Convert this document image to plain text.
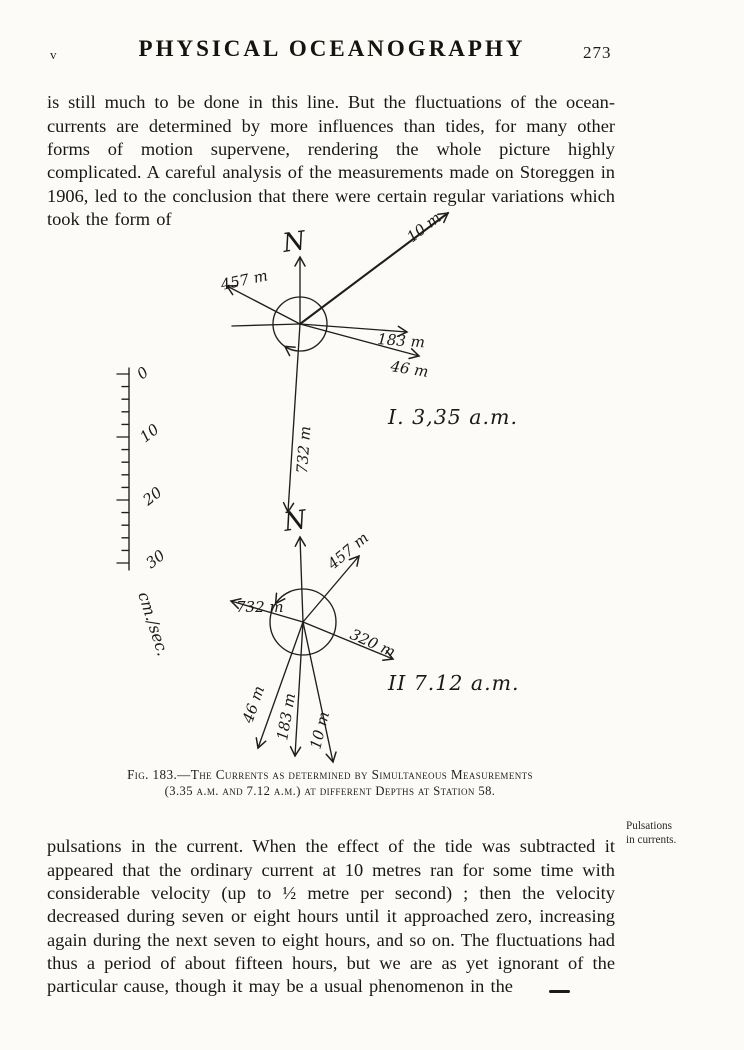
v	PHYSICAL OCEANOGRAPHY	273

is still much to be done in this line. But the fluctuations of the ocean-currents are determined by more influences than tides, for many other forms of motion supervene, rendering the whole picture highly complicated. A careful analysis of the measurements made on Storeggen in 1906, led to the conclusion that there were certain regular variations which took the form of

0
10
20
30
cm./sec.
N	10 m
457 m
183 m
46 m
732 m
I. 3,35 a.m.
N
457 m
732 m
320 m
46 m 183 m 10 m
II 7.12 a.m.
Fig. 183.—The Currents as determined by Simultaneous Measurements
(3.35 a.m. and 7.12 a.m.) at different Depths at Station 58.

pulsations in the current. When the effect of the tide was subtracted it appeared that the ordinary current at 10 metres ran for some time with considerable velocity (up to ½ metre per second) ; then the velocity decreased during seven or eight hours until it approached zero, increasing again during the next seven to eight hours, and so on. The fluctuations had thus a period of about fifteen hours, but we are as yet ignorant of the particular cause, though it may be a usual phenomenon in the

Pulsations
in currents.
